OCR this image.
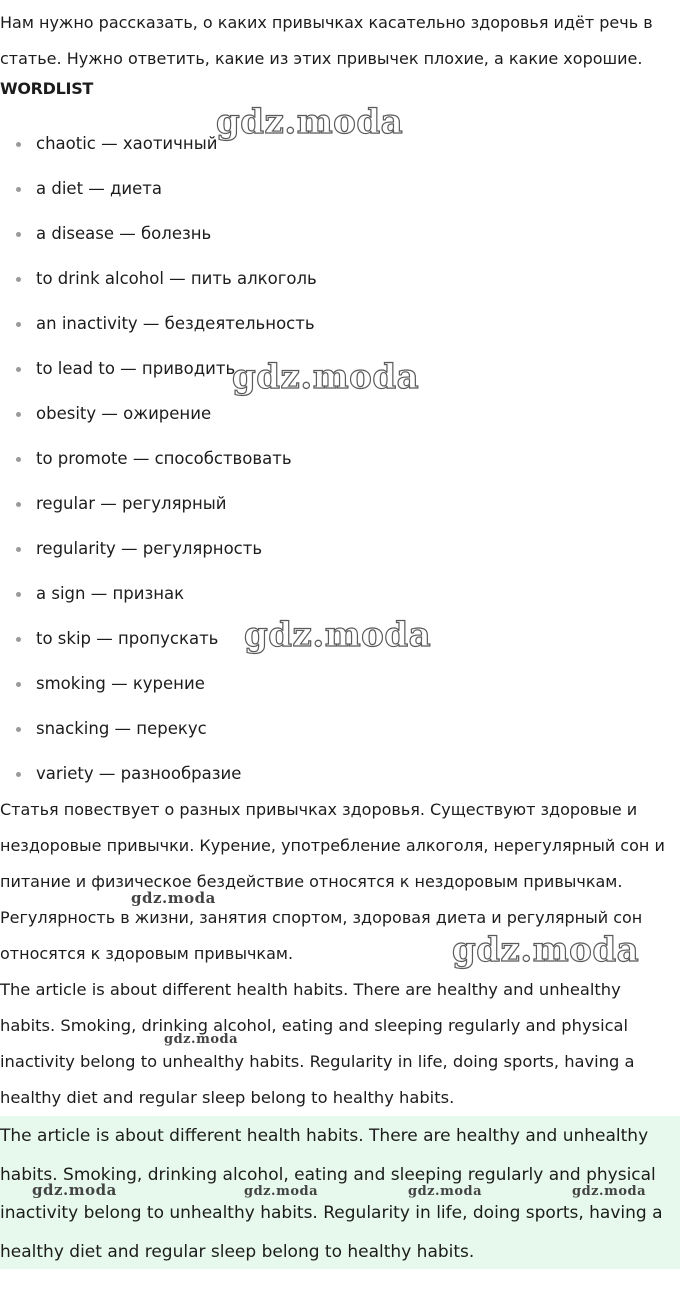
Нам нужно рассказать, о каких привычках касательно здоровья идёт речь в статье. Нужно ответить, какие из этих привычек плохие, а какие хорошие.

WORDLIST

chaotic — хаотичный
a diet — диета
a disease — болезнь
to drink alcohol — пить алкоголь
an inactivity — бездеятельность
to lead to — приводить
obesity — ожирение
to promote — способствовать
regular — регулярный
regularity — регулярность
a sign — признак
to skip — пропускать
smoking — курение
snacking — перекус
variety — разнообразие

Статья повествует о разных привычках здоровья. Существуют здоровые и нездоровые привычки. Курение, употребление алкоголя, нерегулярный сон и питание и физическое бездействие относятся к нездоровым привычкам. Регулярность в жизни, занятия спортом, здоровая диета и регулярный сон относятся к здоровым привычкам.

The article is about different health habits. There are healthy and unhealthy habits. Smoking, drinking alcohol, eating and sleeping regularly and physical inactivity belong to unhealthy habits. Regularity in life, doing sports, having a healthy diet and regular sleep belong to healthy habits.

The article is about different health habits. There are healthy and unhealthy habits. Smoking, drinking alcohol, eating and sleeping regularly and physical inactivity belong to unhealthy habits. Regularity in life, doing sports, having a healthy diet and regular sleep belong to healthy habits.

gdz.moda
gdz.moda
gdz.moda
gdz.moda
gdz.moda
gdz.moda
gdz.moda	gdz.moda	gdz.moda	gdz.moda
